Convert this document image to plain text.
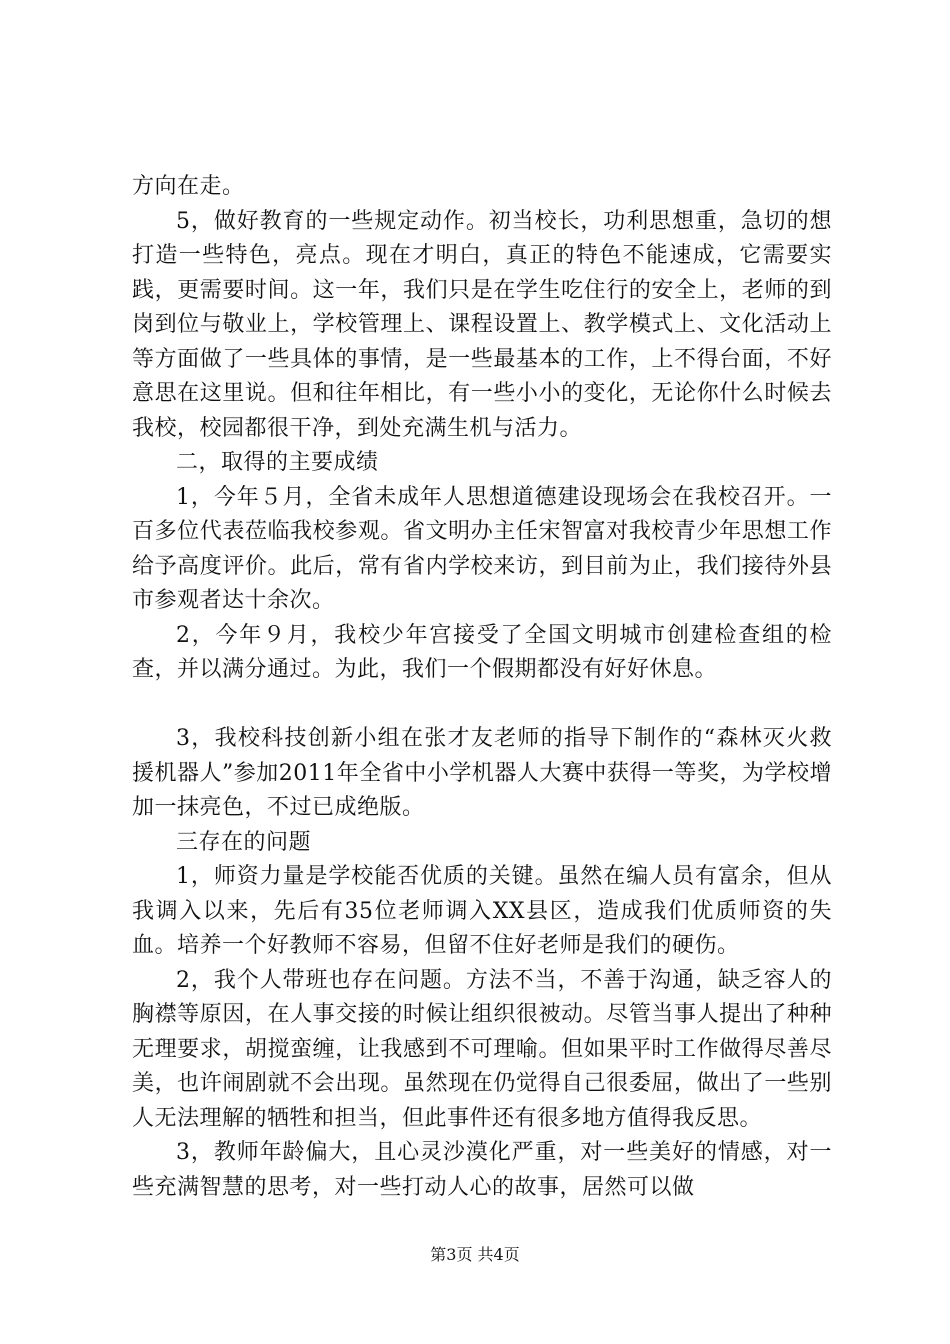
方向在走。

5，做好教育的一些规定动作。初当校长，功利思想重，急切的想打造一些特色，亮点。现在才明白，真正的特色不能速成，它需要实践，更需要时间。这一年，我们只是在学生吃住行的安全上，老师的到岗到位与敬业上，学校管理上、课程设置上、教学模式上、文化活动上等方面做了一些具体的事情，是一些最基本的工作，上不得台面，不好意思在这里说。但和往年相比，有一些小小的变化，无论你什么时候去我校，校园都很干净，到处充满生机与活力。

二，取得的主要成绩

1，今年５月，全省未成年人思想道德建设现场会在我校召开。一百多位代表莅临我校参观。省文明办主任宋智富对我校青少年思想工作给予高度评价。此后，常有省内学校来访，到目前为止，我们接待外县市参观者达十余次。

2，今年９月，我校少年宫接受了全国文明城市创建检查组的检查，并以满分通过。为此，我们一个假期都没有好好休息。

3，我校科技创新小组在张才友老师的指导下制作的“森林灭火救援机器人”参加2011年全省中小学机器人大赛中获得一等奖，为学校增加一抹亮色，不过已成绝版。

三存在的问题

1，师资力量是学校能否优质的关键。虽然在编人员有富余，但从我调入以来，先后有35位老师调入XX县区，造成我们优质师资的失血。培养一个好教师不容易，但留不住好老师是我们的硬伤。

2，我个人带班也存在问题。方法不当，不善于沟通，缺乏容人的胸襟等原因，在人事交接的时候让组织很被动。尽管当事人提出了种种无理要求，胡搅蛮缠，让我感到不可理喻。但如果平时工作做得尽善尽美，也许闹剧就不会出现。虽然现在仍觉得自己很委屈，做出了一些别人无法理解的牺牲和担当，但此事件还有很多地方值得我反思。

3，教师年龄偏大，且心灵沙漠化严重，对一些美好的情感，对一些充满智慧的思考，对一些打动人心的故事，居然可以做

第3页 共4页
